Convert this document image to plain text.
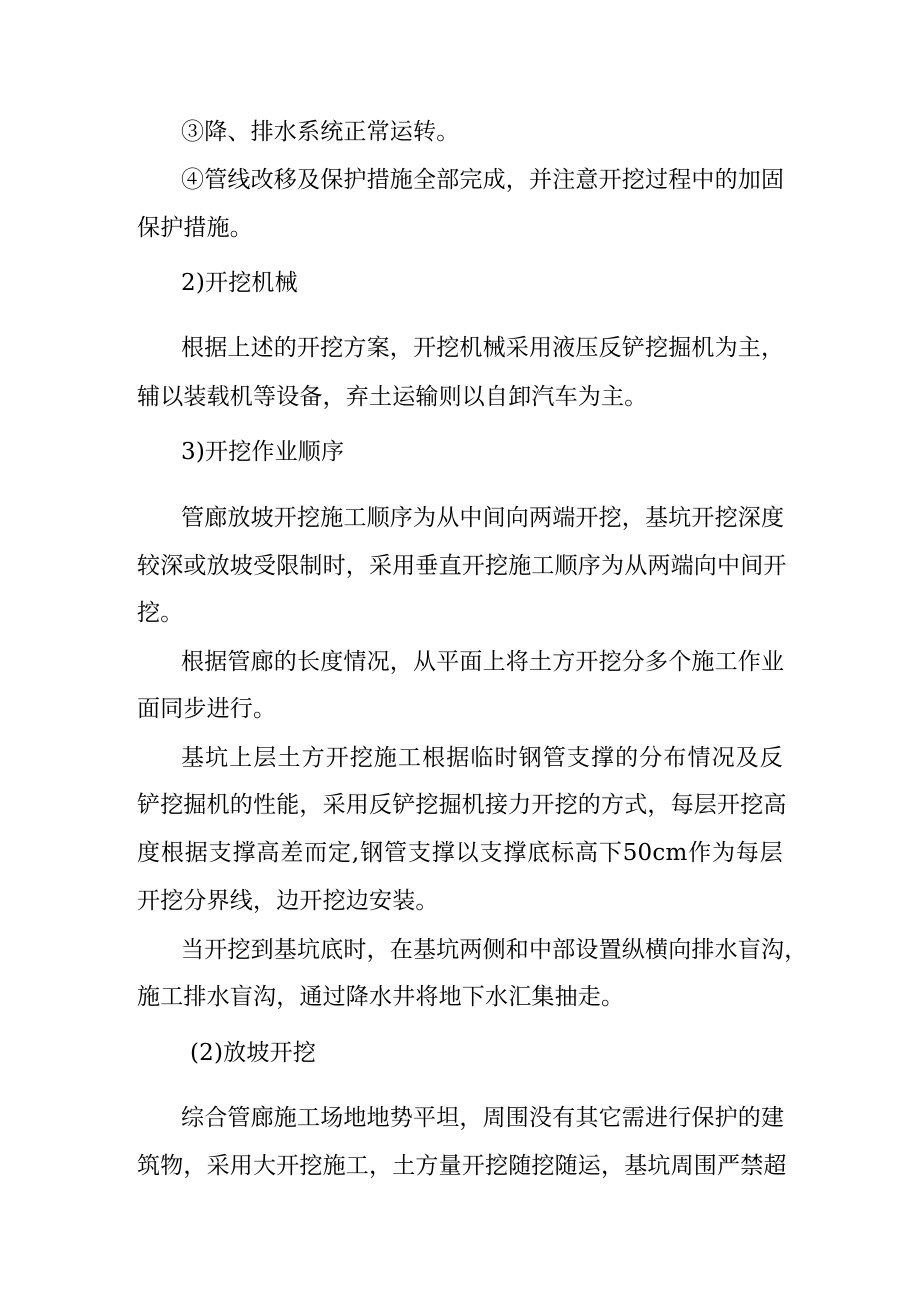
③降、排水系统正常运转。
④管线改移及保护措施全部完成，并注意开挖过程中的加固
保护措施。
2)开挖机械
根据上述的开挖方案，开挖机械采用液压反铲挖掘机为主，
辅以装载机等设备，弃土运输则以自卸汽车为主。
3)开挖作业顺序
管廊放坡开挖施工顺序为从中间向两端开挖，基坑开挖深度
较深或放坡受限制时，采用垂直开挖施工顺序为从两端向中间开
挖。
根据管廊的长度情况，从平面上将土方开挖分多个施工作业
面同步进行。
基坑上层土方开挖施工根据临时钢管支撑的分布情况及反
铲挖掘机的性能，采用反铲挖掘机接力开挖的方式，每层开挖高
度根据支撑高差而定,钢管支撑以支撑底标高下50cm作为每层
开挖分界线，边开挖边安装。
当开挖到基坑底时，在基坑两侧和中部设置纵横向排水盲沟，
施工排水盲沟，通过降水井将地下水汇集抽走。
(2)放坡开挖
综合管廊施工场地地势平坦，周围没有其它需进行保护的建
筑物，采用大开挖施工，土方量开挖随挖随运，基坑周围严禁超
